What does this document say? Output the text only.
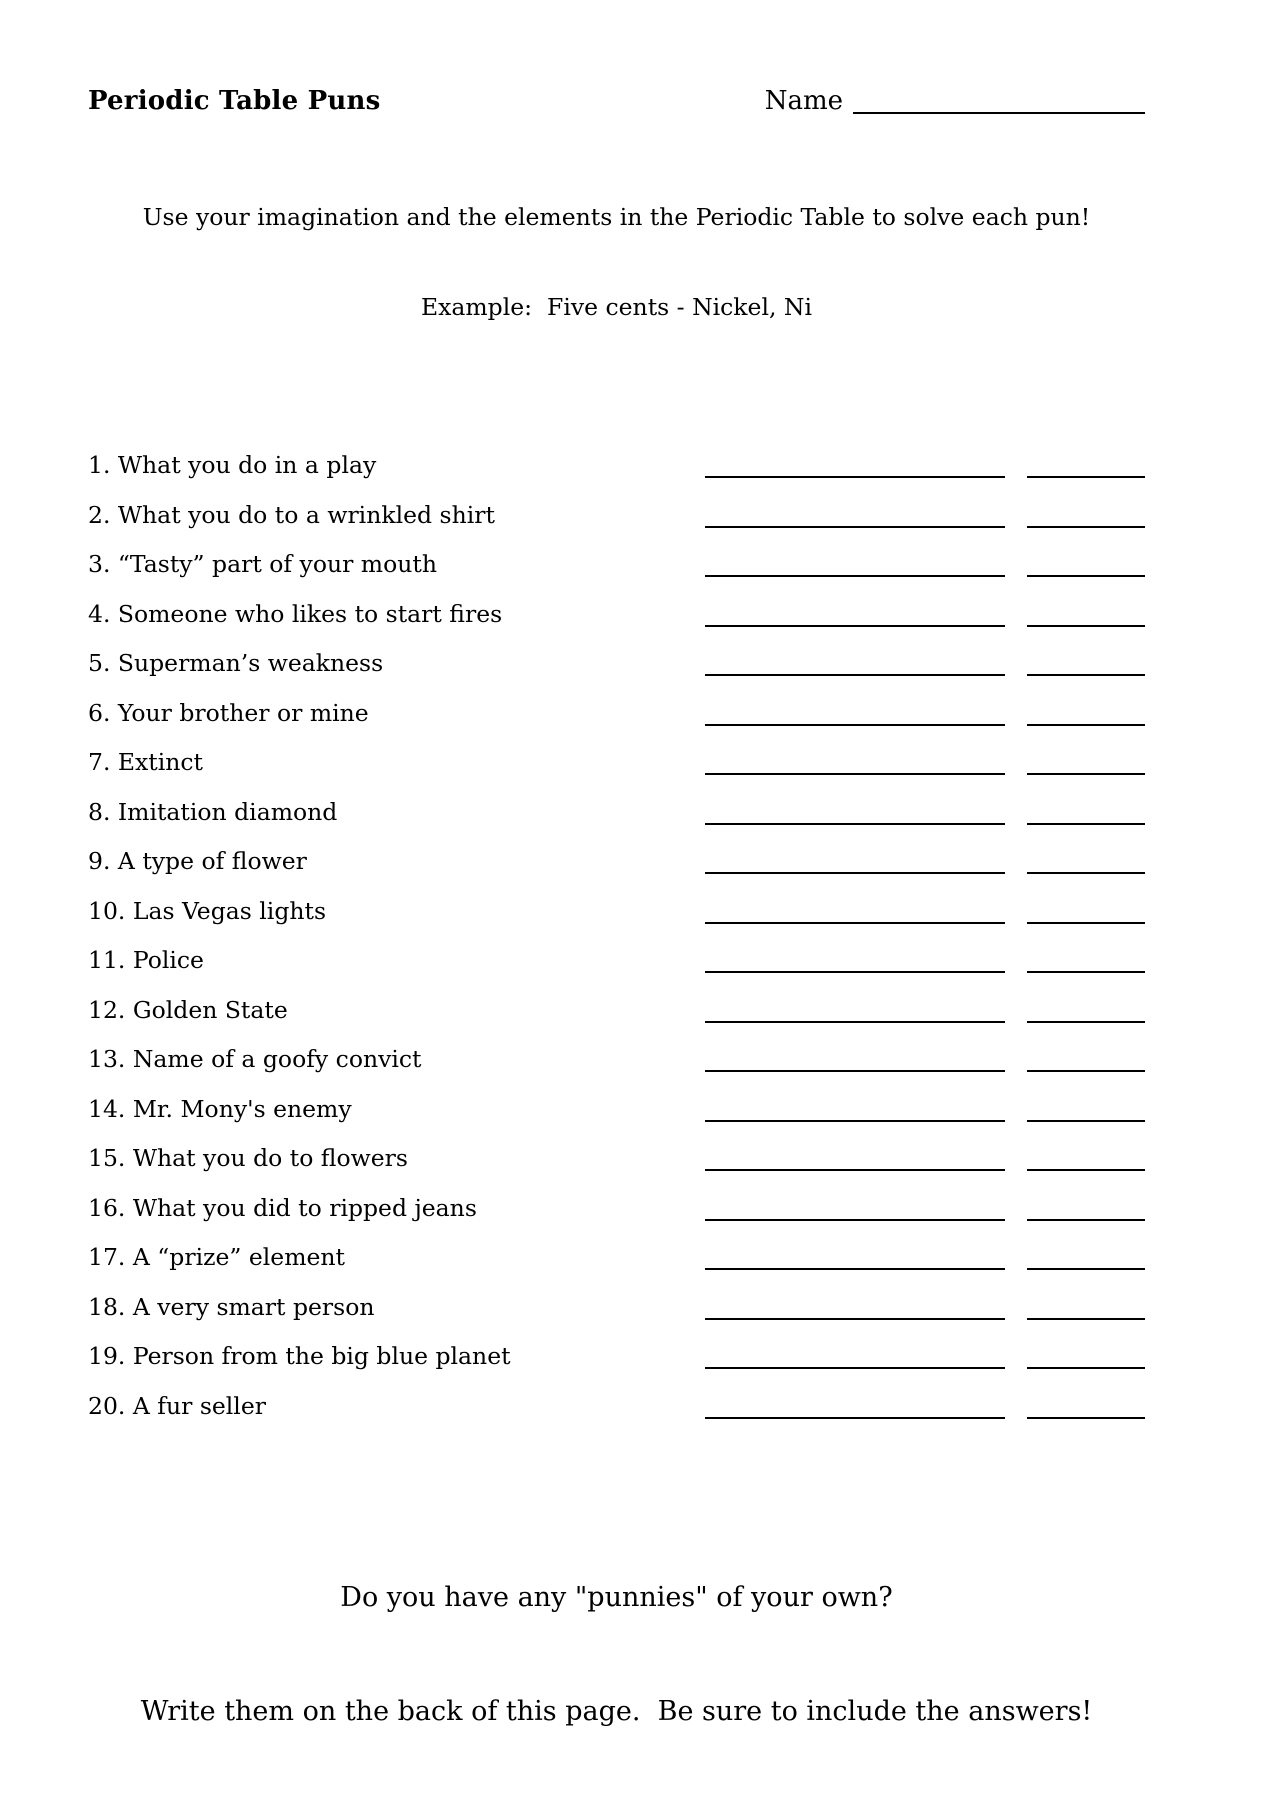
Periodic Table Puns	Name

Use your imagination and the elements in the Periodic Table to solve each pun!

Example:  Five cents - Nickel, Ni

1. What you do in a play
2. What you do to a wrinkled shirt
3. “Tasty” part of your mouth
4. Someone who likes to start fires
5. Superman’s weakness
6. Your brother or mine
7. Extinct
8. Imitation diamond
9. A type of flower
10. Las Vegas lights
11. Police
12. Golden State
13. Name of a goofy convict
14. Mr. Mony's enemy
15. What you do to flowers
16. What you did to ripped jeans
17. A “prize” element
18. A very smart person
19. Person from the big blue planet
20. A fur seller

Do you have any "punnies" of your own?

Write them on the back of this page.  Be sure to include the answers!
